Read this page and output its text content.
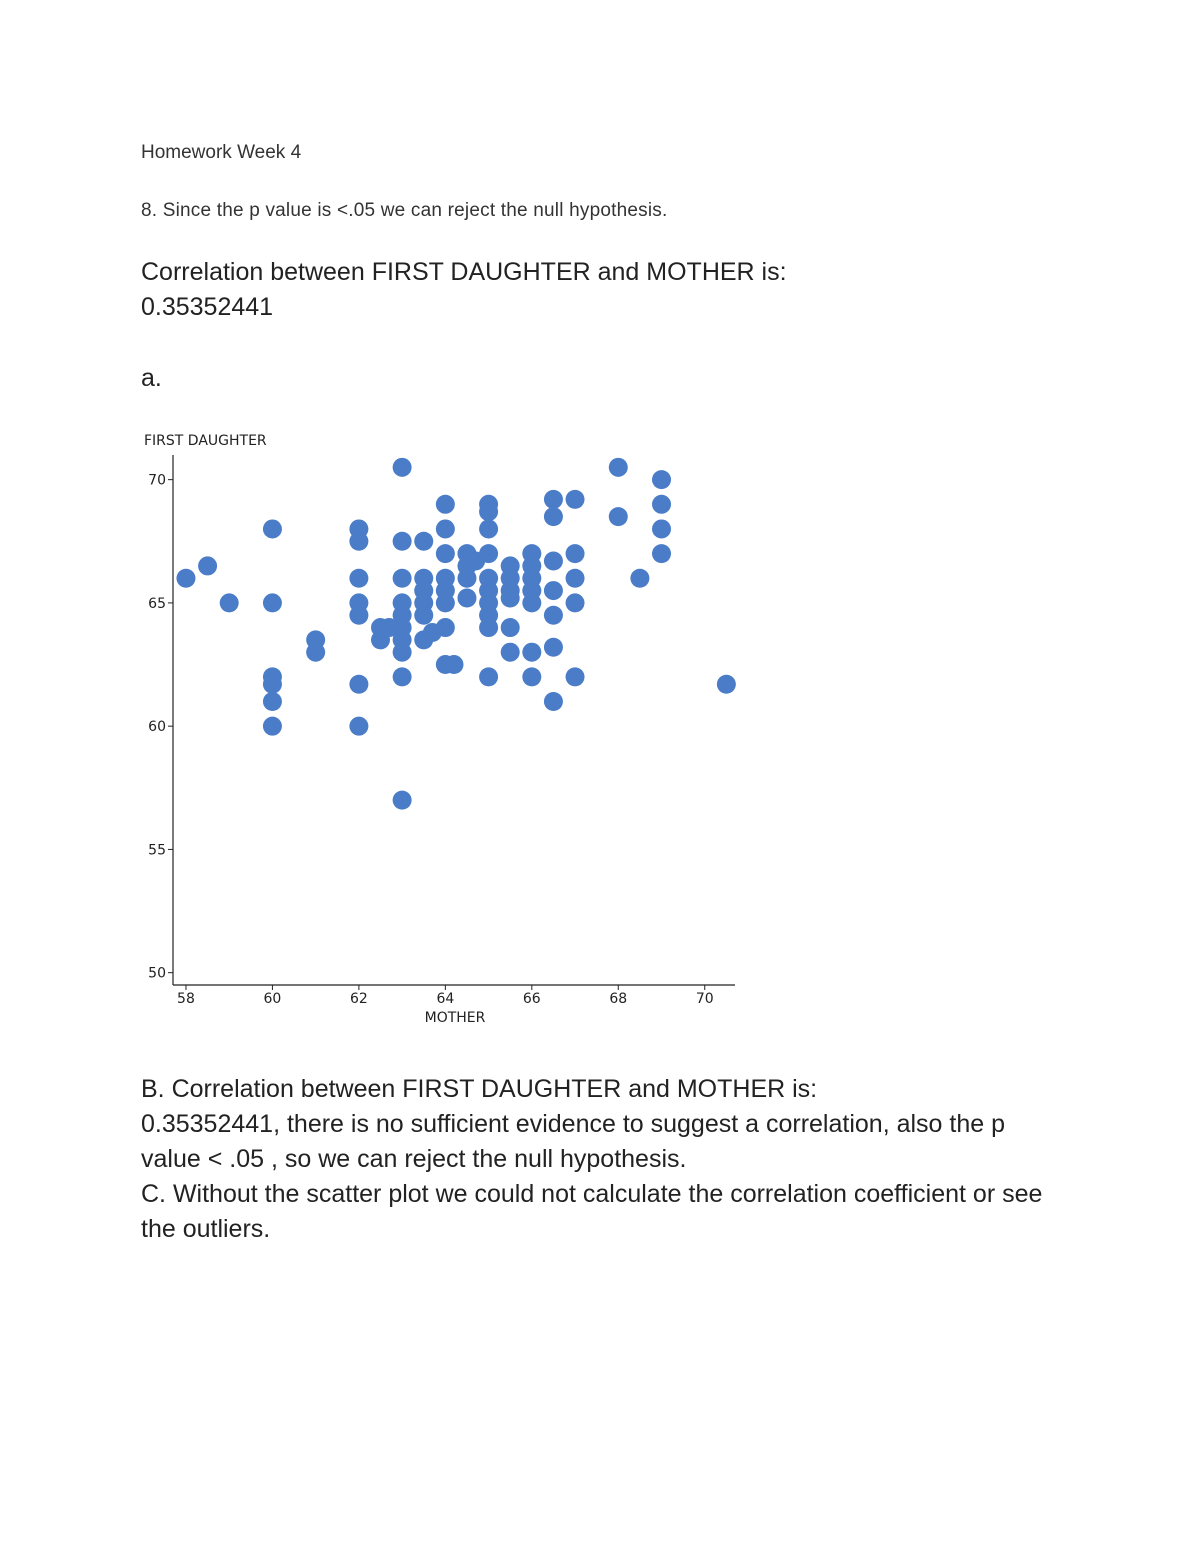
Homework Week 4
8. Since the p value is <.05 we can reject the null hypothesis.
Correlation between FIRST DAUGHTER and MOTHER is:
0.35352441
a.
FIRST DAUGHTER
MOTHER
58	60	62	64	66	68	70
50
55
60
65
70

B. Correlation between FIRST DAUGHTER and MOTHER is:

0.35352441, there is no sufficient evidence to suggest a correlation, also the p value < .05 , so we can reject the null hypothesis.

C. Without the scatter plot we could not calculate the correlation coefficient or see the outliers.
